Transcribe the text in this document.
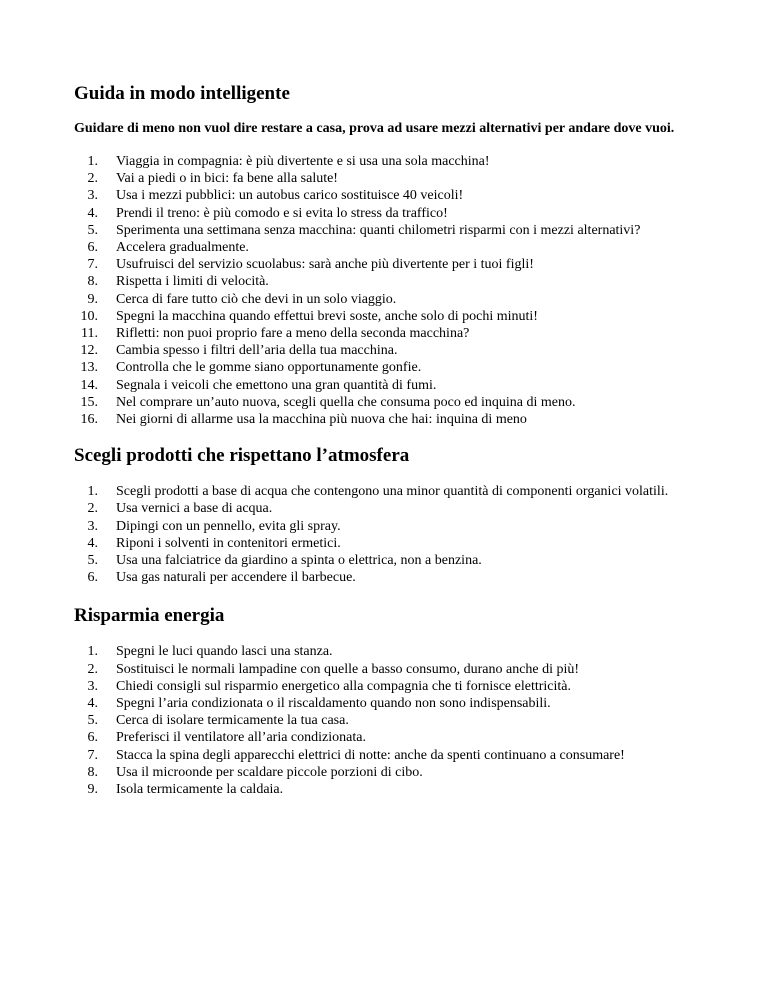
Guida in modo intelligente

Guidare di meno non vuol dire restare a casa, prova ad usare mezzi alternativi per andare dove vuoi.

1. Viaggia in compagnia: è più divertente e si usa una sola macchina!
2. Vai a piedi o in bici: fa bene alla salute!
3. Usa i mezzi pubblici: un autobus carico sostituisce 40 veicoli!
4. Prendi il treno: è più comodo e si evita lo stress da traffico!
5. Sperimenta una settimana senza macchina: quanti chilometri risparmi con i mezzi alternativi?
6. Accelera gradualmente.
7. Usufruisci del servizio scuolabus: sarà anche più divertente per i tuoi figli!
8. Rispetta i limiti di velocità.
9. Cerca di fare tutto ciò che devi in un solo viaggio.
10. Spegni la macchina quando effettui brevi soste, anche solo di pochi minuti!
11. Rifletti: non puoi proprio fare a meno della seconda macchina?
12. Cambia spesso i filtri dell’aria della tua macchina.
13. Controlla che le gomme siano opportunamente gonfie.
14. Segnala i veicoli che emettono una gran quantità di fumi.
15. Nel comprare un’auto nuova, scegli quella che consuma poco ed inquina di meno.
16. Nei giorni di allarme usa la macchina più nuova che hai: inquina di meno
Scegli prodotti che rispettano l’atmosfera
1. Scegli prodotti a base di acqua che contengono una minor quantità di componenti organici volatili.
2. Usa vernici a base di acqua.
3. Dipingi con un pennello, evita gli spray.
4. Riponi i solventi in contenitori ermetici.
5. Usa una falciatrice da giardino a spinta o elettrica, non a benzina.
6. Usa gas naturali per accendere il barbecue.
Risparmia energia
1. Spegni le luci quando lasci una stanza.
2. Sostituisci le normali lampadine con quelle a basso consumo, durano anche di più!
3. Chiedi consigli sul risparmio energetico alla compagnia che ti fornisce elettricità.
4. Spegni l’aria condizionata o il riscaldamento quando non sono indispensabili.
5. Cerca di isolare termicamente la tua casa.
6. Preferisci il ventilatore all’aria condizionata.
7. Stacca la spina degli apparecchi elettrici di notte: anche da spenti continuano a consumare!
8. Usa il microonde per scaldare piccole porzioni di cibo.
9. Isola termicamente la caldaia.
